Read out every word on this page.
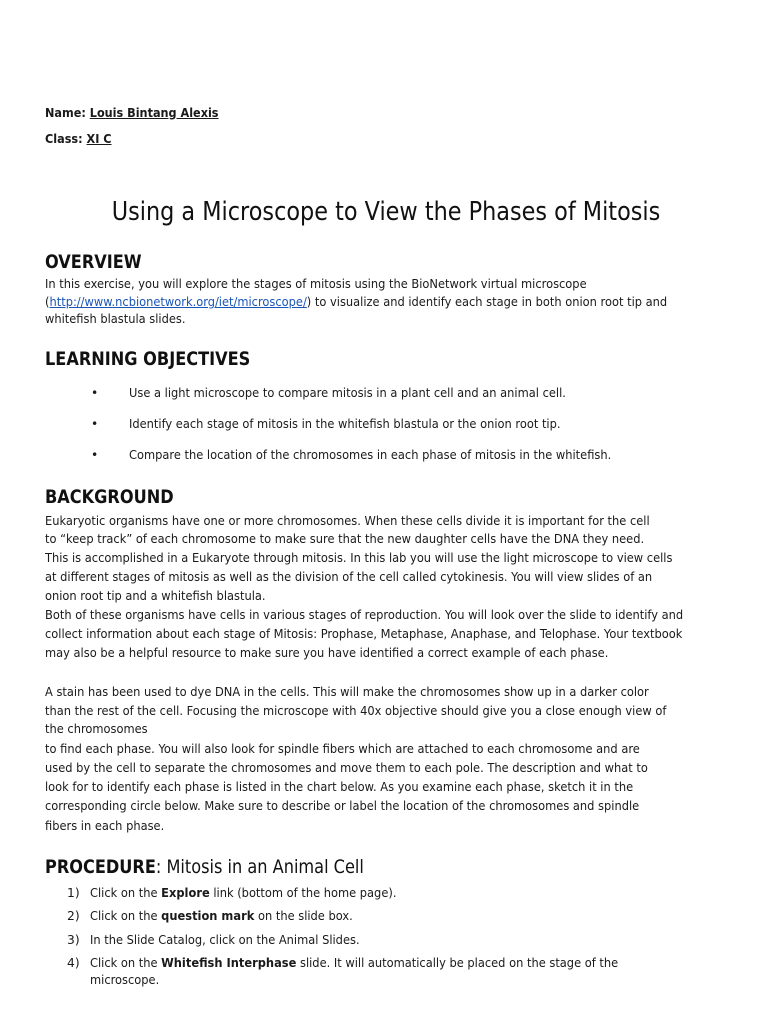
Name: Louis Bintang Alexis
Class: XI C
Using a Microscope to View the Phases of Mitosis
OVERVIEW
In this exercise, you will explore the stages of mitosis using the BioNetwork virtual microscope
(http://www.ncbionetwork.org/iet/microscope/) to visualize and identify each stage in both onion root tip and
whitefish blastula slides.
LEARNING OBJECTIVES
• Use a light microscope to compare mitosis in a plant cell and an animal cell.
• Identify each stage of mitosis in the whitefish blastula or the onion root tip.
• Compare the location of the chromosomes in each phase of mitosis in the whitefish.
BACKGROUND
Eukaryotic organisms have one or more chromosomes. When these cells divide it is important for the cell
to “keep track” of each chromosome to make sure that the new daughter cells have the DNA they need.
This is accomplished in a Eukaryote through mitosis. In this lab you will use the light microscope to view cells
at different stages of mitosis as well as the division of the cell called cytokinesis. You will view slides of an
onion root tip and a whitefish blastula.
Both of these organisms have cells in various stages of reproduction. You will look over the slide to identify and
collect information about each stage of Mitosis: Prophase, Metaphase, Anaphase, and Telophase. Your textbook
may also be a helpful resource to make sure you have identified a correct example of each phase.
A stain has been used to dye DNA in the cells. This will make the chromosomes show up in a darker color
than the rest of the cell. Focusing the microscope with 40x objective should give you a close enough view of
the chromosomes
to find each phase. You will also look for spindle fibers which are attached to each chromosome and are
used by the cell to separate the chromosomes and move them to each pole. The description and what to
look for to identify each phase is listed in the chart below. As you examine each phase, sketch it in the
corresponding circle below. Make sure to describe or label the location of the chromosomes and spindle
fibers in each phase.
PROCEDURE: Mitosis in an Animal Cell
1) Click on the Explore link (bottom of the home page).
2) Click on the question mark on the slide box.
3) In the Slide Catalog, click on the Animal Slides.
4) Click on the Whitefish Interphase slide. It will automatically be placed on the stage of the
microscope.
